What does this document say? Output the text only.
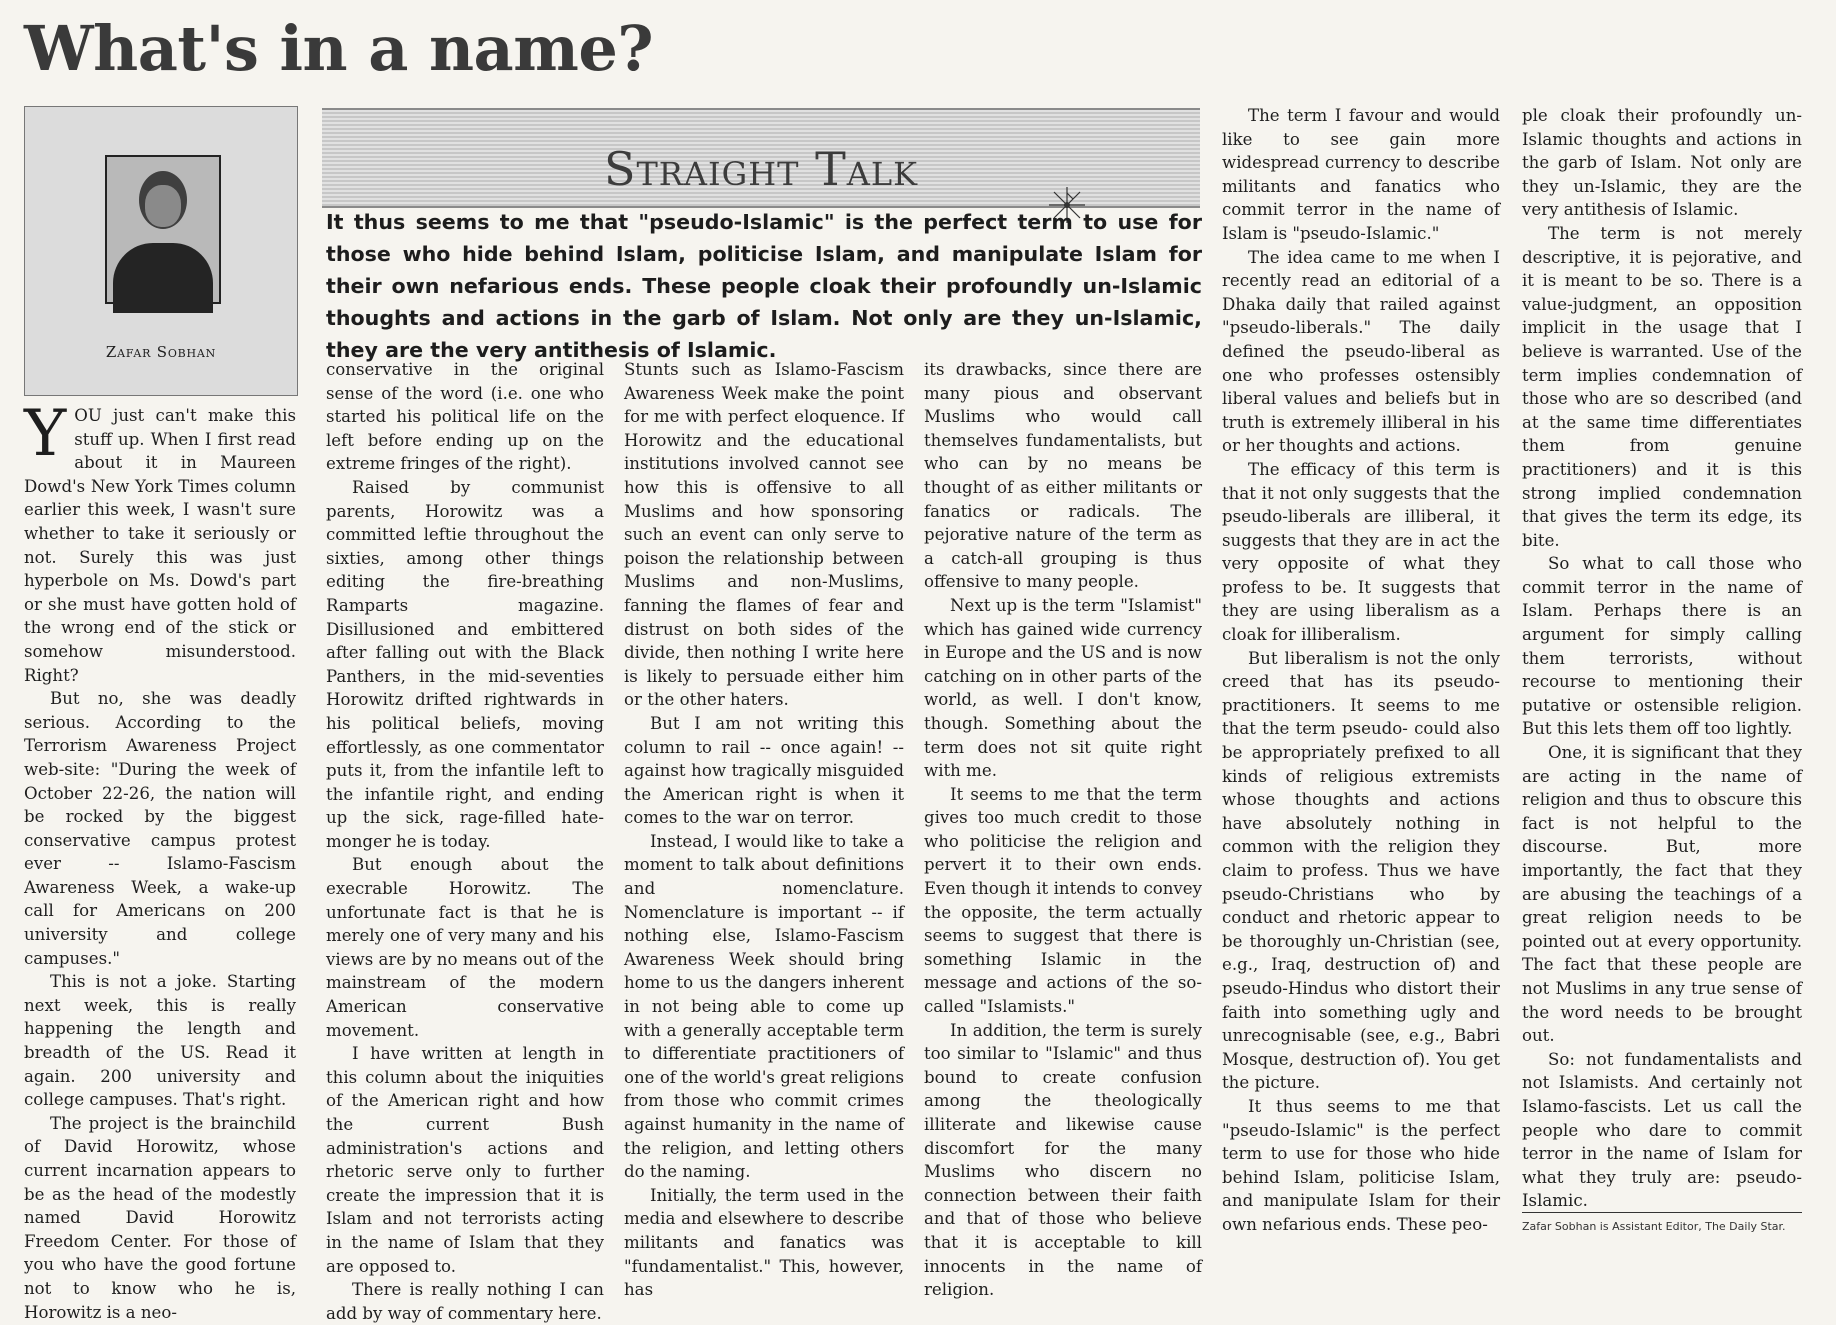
What's in a name?
Zafar Sobhan
Straight Talk
It thus seems to me that "pseudo-Islamic" is the perfect term to use for those who hide behind Islam, politicise Islam, and manipulate Islam for their own nefarious ends. These people cloak their profoundly un-Islamic thoughts and actions in the garb of Islam. Not only are they un-Islamic, they are the very antithesis of Islamic.

YOU just can't make this stuff up. When I first read about it in Maureen Dowd's New York Times column earlier this week, I wasn't sure whether to take it seriously or not. Surely this was just hyperbole on Ms. Dowd's part or she must have gotten hold of the wrong end of the stick or somehow misunderstood. Right?

But no, she was deadly serious. According to the Terrorism Awareness Project web-site: "During the week of October 22-26, the nation will be rocked by the biggest conservative campus protest ever -- Islamo-Fascism Awareness Week, a wake-up call for Americans on 200 university and college campuses."

This is not a joke. Starting next week, this is really happening the length and breadth of the US. Read it again. 200 university and college campuses. That's right.

The project is the brainchild of David Horowitz, whose current incarnation appears to be as the head of the modestly named David Horowitz Freedom Center. For those of you who have the good fortune not to know who he is, Horowitz is a neo-

conservative in the original sense of the word (i.e. one who started his political life on the left before ending up on the extreme fringes of the right).

Raised by communist parents, Horowitz was a committed leftie throughout the sixties, among other things editing the fire-breathing Ramparts magazine. Disillusioned and embittered after falling out with the Black Panthers, in the mid-seventies Horowitz drifted rightwards in his political beliefs, moving effortlessly, as one commentator puts it, from the infantile left to the infantile right, and ending up the sick, rage-filled hate-monger he is today.

But enough about the execrable Horowitz. The unfortunate fact is that he is merely one of very many and his views are by no means out of the mainstream of the modern American conservative movement.

I have written at length in this column about the iniquities of the American right and how the current Bush administration's actions and rhetoric serve only to further create the impression that it is Islam and not terrorists acting in the name of Islam that they are opposed to.

There is really nothing I can add by way of commentary here.

Stunts such as Islamo-Fascism Awareness Week make the point for me with perfect eloquence. If Horowitz and the educational institutions involved cannot see how this is offensive to all Muslims and how sponsoring such an event can only serve to poison the relationship between Muslims and non-Muslims, fanning the flames of fear and distrust on both sides of the divide, then nothing I write here is likely to persuade either him or the other haters.

But I am not writing this column to rail -- once again! -- against how tragically misguided the American right is when it comes to the war on terror.

Instead, I would like to take a moment to talk about definitions and nomenclature. Nomenclature is important -- if nothing else, Islamo-Fascism Awareness Week should bring home to us the dangers inherent in not being able to come up with a generally acceptable term to differentiate practitioners of one of the world's great religions from those who commit crimes against humanity in the name of the religion, and letting others do the naming.

Initially, the term used in the media and elsewhere to describe militants and fanatics was "fundamentalist." This, however, has

its drawbacks, since there are many pious and observant Muslims who would call themselves fundamentalists, but who can by no means be thought of as either militants or fanatics or radicals. The pejorative nature of the term as a catch-all grouping is thus offensive to many people.

Next up is the term "Islamist" which has gained wide currency in Europe and the US and is now catching on in other parts of the world, as well. I don't know, though. Something about the term does not sit quite right with me.

It seems to me that the term gives too much credit to those who politicise the religion and pervert it to their own ends. Even though it intends to convey the opposite, the term actually seems to suggest that there is something Islamic in the message and actions of the so-called "Islamists."

In addition, the term is surely too similar to "Islamic" and thus bound to create confusion among the theologically illiterate and likewise cause discomfort for the many Muslims who discern no connection between their faith and that of those who believe that it is acceptable to kill innocents in the name of religion.

The term I favour and would like to see gain more widespread currency to describe militants and fanatics who commit terror in the name of Islam is "pseudo-Islamic."

The idea came to me when I recently read an editorial of a Dhaka daily that railed against "pseudo-liberals." The daily defined the pseudo-liberal as one who professes ostensibly liberal values and beliefs but in truth is extremely illiberal in his or her thoughts and actions.

The efficacy of this term is that it not only suggests that the pseudo-liberals are illiberal, it suggests that they are in act the very opposite of what they profess to be. It suggests that they are using liberalism as a cloak for illiberalism.

But liberalism is not the only creed that has its pseudo-practitioners. It seems to me that the term pseudo- could also be appropriately prefixed to all kinds of religious extremists whose thoughts and actions have absolutely nothing in common with the religion they claim to profess. Thus we have pseudo-Christians who by conduct and rhetoric appear to be thoroughly un-Christian (see, e.g., Iraq, destruction of) and pseudo-Hindus who distort their faith into something ugly and unrecognisable (see, e.g., Babri Mosque, destruction of). You get the picture.

It thus seems to me that "pseudo-Islamic" is the perfect term to use for those who hide behind Islam, politicise Islam, and manipulate Islam for their own nefarious ends. These peo-

ple cloak their profoundly un-Islamic thoughts and actions in the garb of Islam. Not only are they un-Islamic, they are the very antithesis of Islamic.

The term is not merely descriptive, it is pejorative, and it is meant to be so. There is a value-judgment, an opposition implicit in the usage that I believe is warranted. Use of the term implies condemnation of those who are so described (and at the same time differentiates them from genuine practitioners) and it is this strong implied condemnation that gives the term its edge, its bite.

So what to call those who commit terror in the name of Islam. Perhaps there is an argument for simply calling them terrorists, without recourse to mentioning their putative or ostensible religion. But this lets them off too lightly.

One, it is significant that they are acting in the name of religion and thus to obscure this fact is not helpful to the discourse. But, more importantly, the fact that they are abusing the teachings of a great religion needs to be pointed out at every opportunity. The fact that these people are not Muslims in any true sense of the word needs to be brought out.

So: not fundamentalists and not Islamists. And certainly not Islamo-fascists. Let us call the people who dare to commit terror in the name of Islam for what they truly are: pseudo-Islamic.

Zafar Sobhan is Assistant Editor, The Daily Star.
